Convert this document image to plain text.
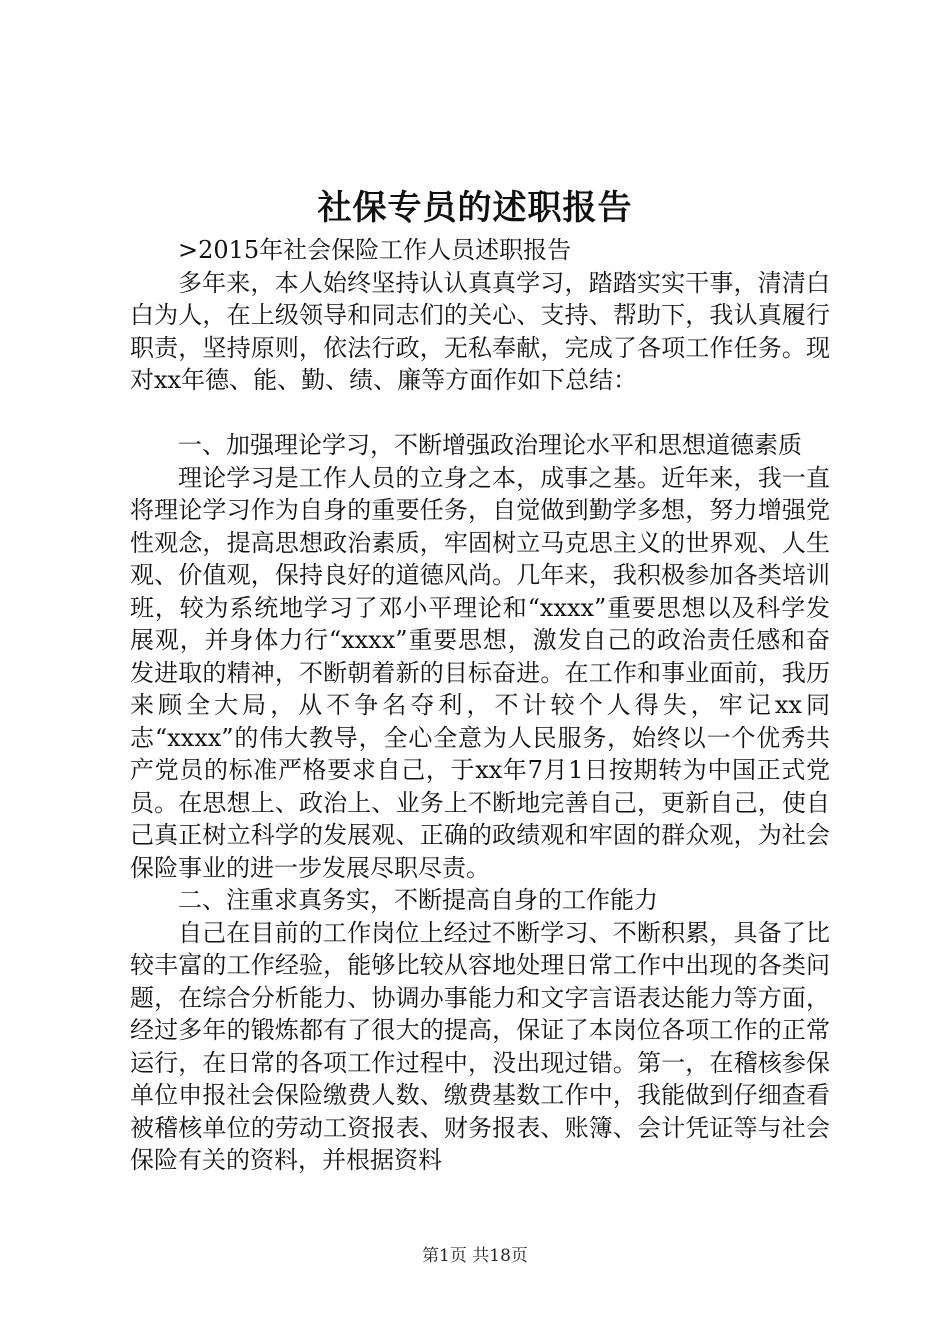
社保专员的述职报告

>2015年社会保险工作人员述职报告

多年来，本人始终坚持认认真真学习，踏踏实实干事，清清白白为人，在上级领导和同志们的关心、支持、帮助下，我认真履行职责，坚持原则，依法行政，无私奉献，完成了各项工作任务。现对xx年德、能、勤、绩、廉等方面作如下总结：

一、加强理论学习，不断增强政治理论水平和思想道德素质

理论学习是工作人员的立身之本，成事之基。近年来，我一直将理论学习作为自身的重要任务，自觉做到勤学多想，努力增强党性观念，提高思想政治素质，牢固树立马克思主义的世界观、人生观、价值观，保持良好的道德风尚。几年来，我积极参加各类培训班，较为系统地学习了邓小平理论和“xxxx”重要思想以及科学发展观，并身体力行“xxxx”重要思想，激发自己的政治责任感和奋发进取的精神，不断朝着新的目标奋进。在工作和事业面前，我历来顾全大局，从不争名夺利，不计较个人得失，牢记xx同志“xxxx”的伟大教导，全心全意为人民服务，始终以一个优秀共产党员的标准严格要求自己，于xx年7月1日按期转为中国正式党员。在思想上、政治上、业务上不断地完善自己，更新自己，使自己真正树立科学的发展观、正确的政绩观和牢固的群众观，为社会保险事业的进一步发展尽职尽责。

二、注重求真务实，不断提高自身的工作能力

自己在目前的工作岗位上经过不断学习、不断积累，具备了比较丰富的工作经验，能够比较从容地处理日常工作中出现的各类问题，在综合分析能力、协调办事能力和文字言语表达能力等方面，经过多年的锻炼都有了很大的提高，保证了本岗位各项工作的正常运行，在日常的各项工作过程中，没出现过错。第一，在稽核参保单位申报社会保险缴费人数、缴费基数工作中，我能做到仔细查看被稽核单位的劳动工资报表、财务报表、账簿、会计凭证等与社会保险有关的资料，并根据资料

第1页 共18页
